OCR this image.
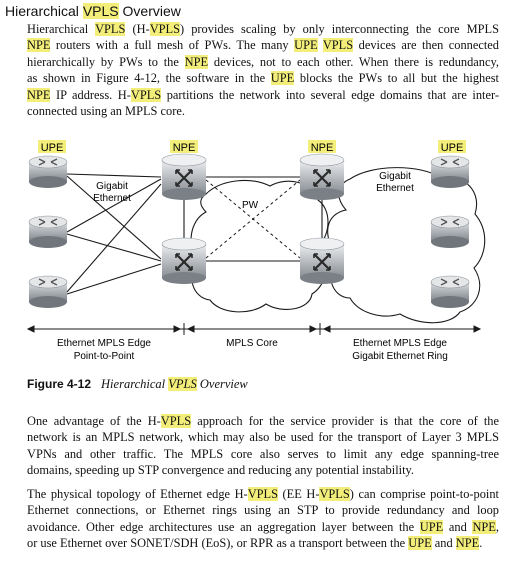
Hierarchical VPLS Overview
Hierarchical VPLS (H-VPLS) provides scaling by only interconnecting the core MPLS
NPE routers with a full mesh of PWs. The many UPE VPLS devices are then connected
hierarchically by PWs to the NPE devices, not to each other. When there is redundancy,
as shown in Figure 4-12, the software in the UPE blocks the PWs to all but the highest
NPE IP address. H-VPLS partitions the network into several edge domains that are inter-
connected using an MPLS core.
UPE	NPE	NPE	UPE
Gigabit
Ethernet
Gigabit
Ethernet
PW
Ethernet MPLS Edge
Point-to-Point
MPLS Core	Ethernet MPLS Edge
Gigabit Ethernet Ring
Figure 4-12 Hierarchical VPLS Overview
One advantage of the H-VPLS approach for the service provider is that the core of the
network is an MPLS network, which may also be used for the transport of Layer 3 MPLS
VPNs and other traffic. The MPLS core also serves to limit any edge spanning-tree
domains, speeding up STP convergence and reducing any potential instability.
The physical topology of Ethernet edge H-VPLS (EE H-VPLS) can comprise point-to-point
Ethernet connections, or Ethernet rings using an STP to provide redundancy and loop
avoidance. Other edge architectures use an aggregation layer between the UPE and NPE,
or use Ethernet over SONET/SDH (EoS), or RPR as a transport between the UPE and NPE.
